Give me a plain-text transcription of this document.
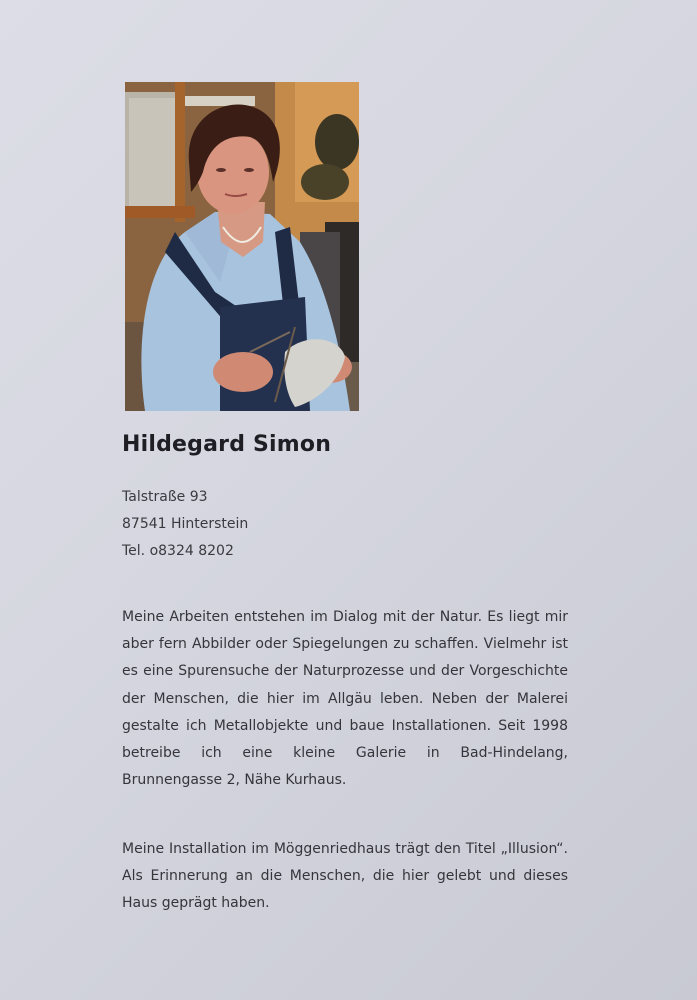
Hildegard Simon
Talstraße 93
87541 Hinterstein
Tel. o8324 8202

Meine Arbeiten entstehen im Dialog mit der Natur. Es liegt mir aber fern Abbilder oder Spiegelungen zu schaffen. Vielmehr ist es eine Spurensuche der Naturprozesse und der Vorgeschichte der Menschen, die hier im Allgäu leben. Neben der Malerei gestalte ich Metallobjekte und baue Installationen. Seit 1998 betreibe ich eine kleine Galerie in Bad-Hindelang, Brunnengasse 2, Nähe Kurhaus.

Meine Installation im Möggenriedhaus trägt den Titel „Illusion“. Als Erinnerung an die Menschen, die hier gelebt und dieses Haus geprägt haben.
